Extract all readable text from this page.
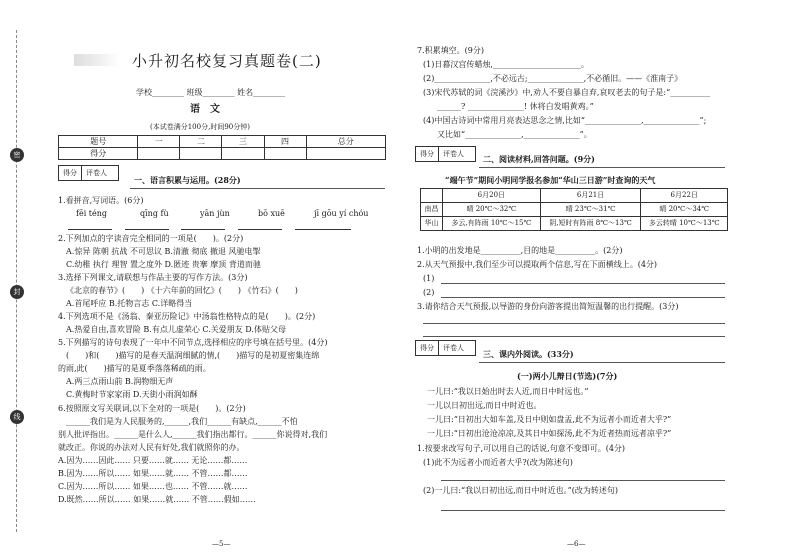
密
封
线
小升初名校复习真题卷(二)
学校________ 班级________ 姓名________
语文
(本试卷满分100分,时间90分钟)
题号	一	二	三	四	总分
得分					
得分	评卷人
一、语言积累与运用。(28分)
1.看拼音,写词语。(6分)
fēi téng	qīng fù	yān jùn	bō xuē	jī gōu yí chóu

2.下列加点的字读音完全相同的一项是(　　)。(2分)
A.惊异 陈朝 抗战 不可思议 B.清澈 彻底 撤退 风驰电掣
C.幼稚 执行 理智 置之度外 D.匿迹 贵搴 摩顶 背道而驰
3.选择下列课文,请联想与作品主要的写作方法。(3分)
《北京的春节》(　　) 《十六年前的回忆》(　　) 《竹石》(　　)
A.首尾呼应 B.托物言志 C.详略得当
4.下列选项不是《汤翁、秦亚历险记》中汤翁性格特点的是(　　)。(2分)
A.热爱自由,喜欢冒险 B.有点儿虚荣心 C.关爱朋友 D.体贴父母
5.下列描写的诗句表现了一年中不同节点,选择相应的序号填在括号里。(4分)
(　　)和(　　)描写的是春天温润细腻的情,(　　)描写的是初夏密集连绵
的雨,此(　　)描写的是夏季落落稀疏的雨。
A.两三点雨山前 B.润物细无声
C.黄梅时节家家雨 D.天街小雨润如酥
6.按照原文写关联词,以下全对的一项是(　　)。(2分)
______我们是为人民服务的,______,我们______有缺点,______不怕
别人批评指出。______是什么人,______我们指出都行。______你说得对,我们
就改正。你说的办法对人民有好处,我们就照你的办。
A.因为……因此…… 只要……就…… 无论……都……
B.因为……所以…… 如果……就…… 不管……都……
C.因为……所以…… 如果……也…… 不管……就……
D.既然……所以…… 如果……就…… 不管……假如……
—5—
7.积累填空。(9分)
(1)日暮汉宫传蜡烛,______________________。
(2)______________,不必远古;______________,不必循旧。——《淮南子》
(3)宋代苏轼的词《浣溪沙》中,劝人不要自暴自弃,哀叹老去的句子是:“__________
______? ______________! 休将白发唱黄鸡。”
(4)中国古诗词中常用月亮表达思念之情,比如“______________,______________”;
又比如“______________,______________”。
得分	评卷人	二、阅读材料,回答问题。(9分)
“端午节”期间小明同学报名参加“华山三日游”时查询的天气
	6月20日	6月21日	6月22日
南昌	晴 20℃～32℃	晴 23℃～31℃	晴 20℃～34℃
华山	多云,有阵雨 10℃～15℃	阴,短时有阵雨 8℃～13℃	多云转晴 10℃～13℃
1.小明的出发地是__________,目的地是__________。(2分)
2.从天气预报中,我们至少可以提取两个信息,写在下面横线上。(4分)
(1)
(2)
3.请你结合天气预报,以导游的身份向游客提出简短温馨的出行提醒。(3分)
得分	评卷人
三、课内外阅读。(33分)
(一)两小儿辩日(节选)(7分)
一儿曰:“我以日始出时去人近,而日中时远也。”
一儿以日初出远,而日中时近也。
一儿曰:“日初出大如车盖,及日中则如盘盂,此不为远者小而近者大乎?”
一儿曰:“日初出沧沧凉凉,及其日中如探汤,此不为近者热而远者凉乎?”
1.按要求改写句子,可以用自己的话说,句意不变即可。(4分)
(1)此不为远者小而近者大乎?(改为陈述句)
(2)一儿曰:“我以日初出远,而日中时近也。”(改为转述句)
—6—
